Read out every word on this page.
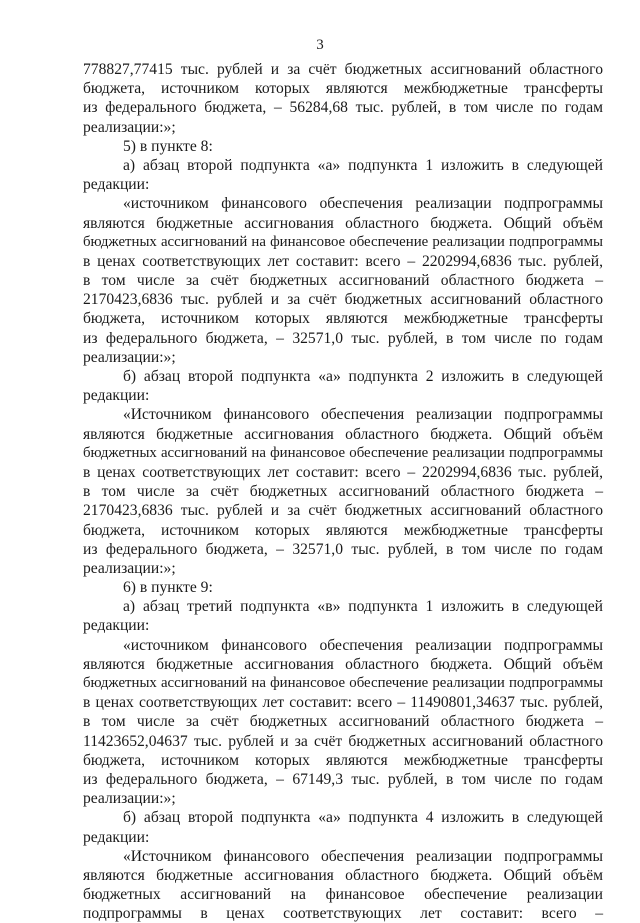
3
778827,77415 тыс. рублей и за счёт бюджетных ассигнований областного
бюджета, источником которых являются межбюджетные трансферты
из федерального бюджета, – 56284,68 тыс. рублей, в том числе по годам
реализации:»;
5) в пункте 8:
а) абзац второй подпункта «а» подпункта 1 изложить в следующей
редакции:
«источником финансового обеспечения реализации подпрограммы
являются бюджетные ассигнования областного бюджета. Общий объём
бюджетных ассигнований на финансовое обеспечение реализации подпрограммы
в ценах соответствующих лет составит: всего – 2202994,6836 тыс. рублей,
в том числе за счёт бюджетных ассигнований областного бюджета –
2170423,6836 тыс. рублей и за счёт бюджетных ассигнований областного
бюджета, источником которых являются межбюджетные трансферты
из федерального бюджета, – 32571,0 тыс. рублей, в том числе по годам
реализации:»;
б) абзац второй подпункта «а» подпункта 2 изложить в следующей
редакции:
«Источником финансового обеспечения реализации подпрограммы
являются бюджетные ассигнования областного бюджета. Общий объём
бюджетных ассигнований на финансовое обеспечение реализации подпрограммы
в ценах соответствующих лет составит: всего – 2202994,6836 тыс. рублей,
в том числе за счёт бюджетных ассигнований областного бюджета –
2170423,6836 тыс. рублей и за счёт бюджетных ассигнований областного
бюджета, источником которых являются межбюджетные трансферты
из федерального бюджета, – 32571,0 тыс. рублей, в том числе по годам
реализации:»;
6) в пункте 9:
а) абзац третий подпункта «в» подпункта 1 изложить в следующей
редакции:
«источником финансового обеспечения реализации подпрограммы
являются бюджетные ассигнования областного бюджета. Общий объём
бюджетных ассигнований на финансовое обеспечение реализации подпрограммы
в ценах соответствующих лет составит: всего – 11490801,34637 тыс. рублей,
в том числе за счёт бюджетных ассигнований областного бюджета –
11423652,04637 тыс. рублей и за счёт бюджетных ассигнований областного
бюджета, источником которых являются межбюджетные трансферты
из федерального бюджета, – 67149,3 тыс. рублей, в том числе по годам
реализации:»;
б) абзац второй подпункта «а» подпункта 4 изложить в следующей
редакции:
«Источником финансового обеспечения реализации подпрограммы
являются бюджетные ассигнования областного бюджета. Общий объём
бюджетных ассигнований на финансовое обеспечение реализации
подпрограммы в ценах соответствующих лет составит: всего –
